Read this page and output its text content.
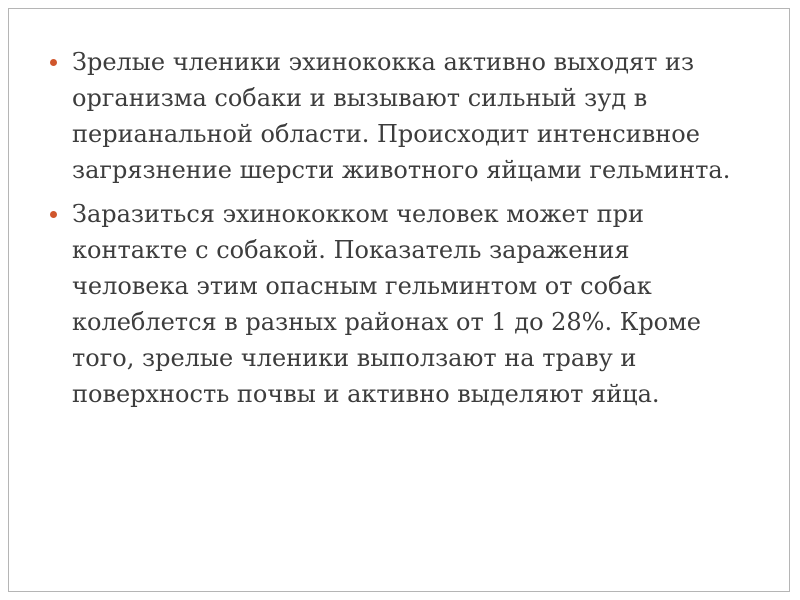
Зрелые членики эхинококка активно выходят из организма собаки и вызывают сильный зуд в перианальной области. Происходит интенсивное загрязнение шерсти животного яйцами гельминта.
Заразиться эхинококком человек может при контакте с собакой. Показатель заражения человека этим опасным гельминтом от собак колеблется в разных районах от 1 до 28%. Кроме того, зрелые членики выползают на траву и поверхность почвы и активно выделяют яйца.
